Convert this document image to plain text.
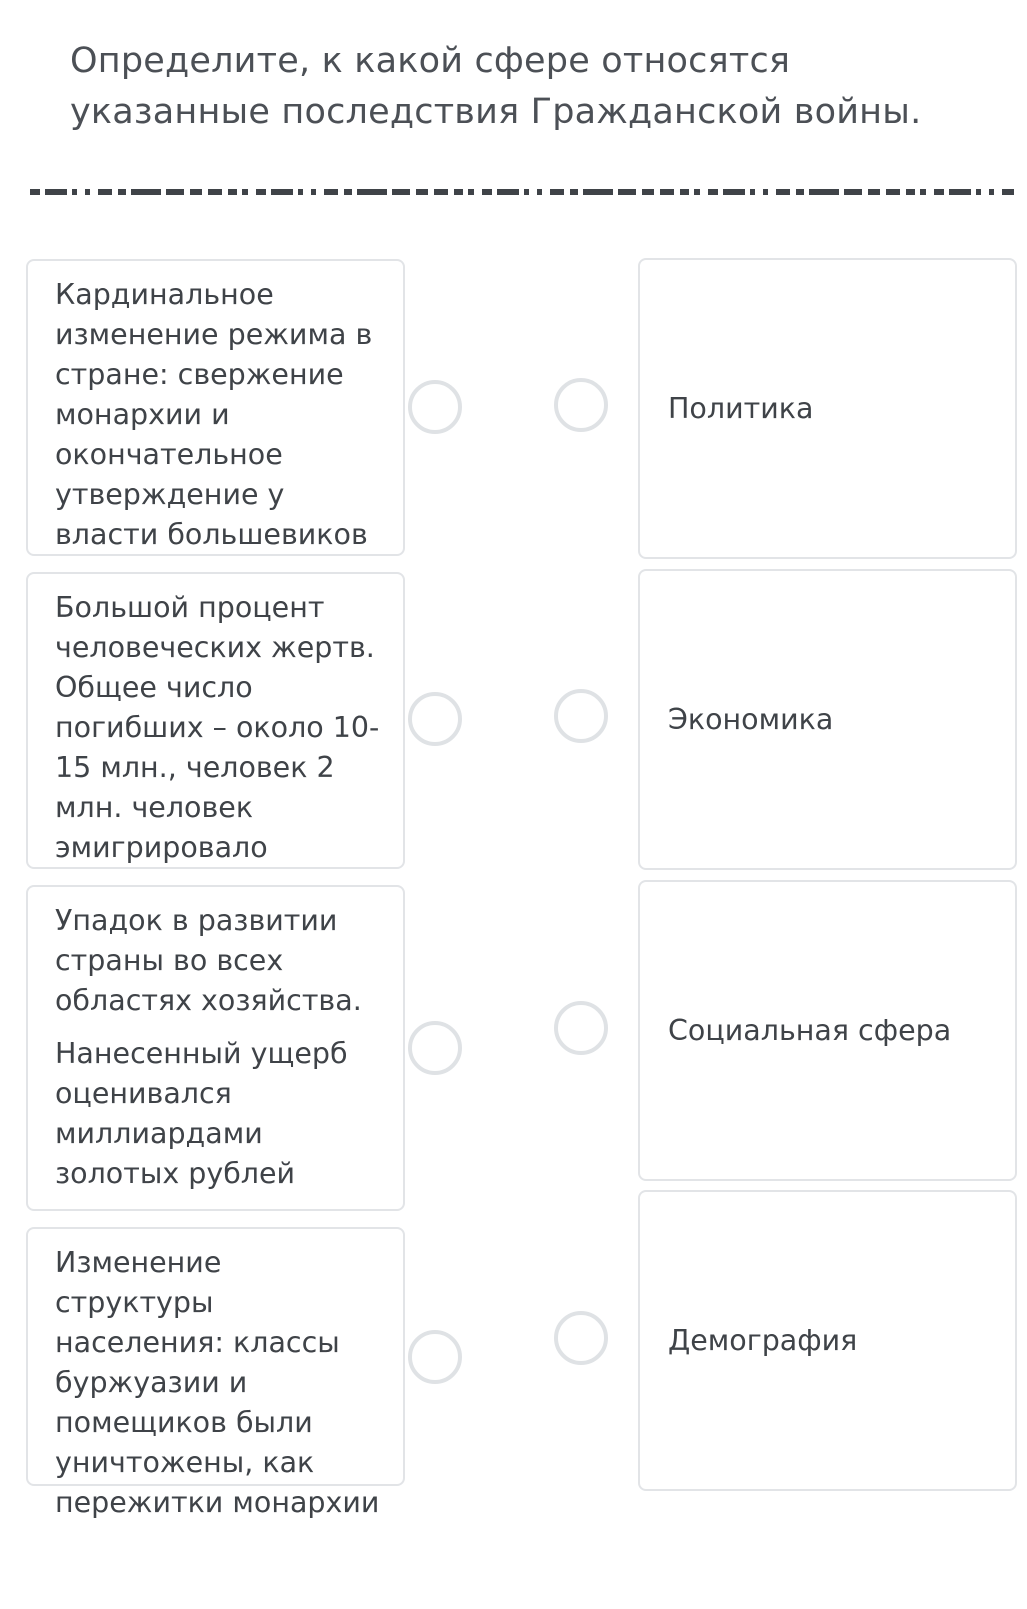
Определите, к какой сфере относятся указанные последствия Гражданской войны.

Кардинальное изменение режима в стране: свержение монархии и окончательное утверждение у власти большевиков

Большой процент человеческих жертв. Общее число погибших – около 10-15 млн., человек 2 млн. человек эмигрировало

Упадок в развитии страны во всех областях хозяйства.

Нанесенный ущерб оценивался миллиардами золотых рублей

Изменение структуры населения: классы буржуазии и помещиков были уничтожены, как пережитки монархии

Политика
Экономика
Социальная сфера
Демография
